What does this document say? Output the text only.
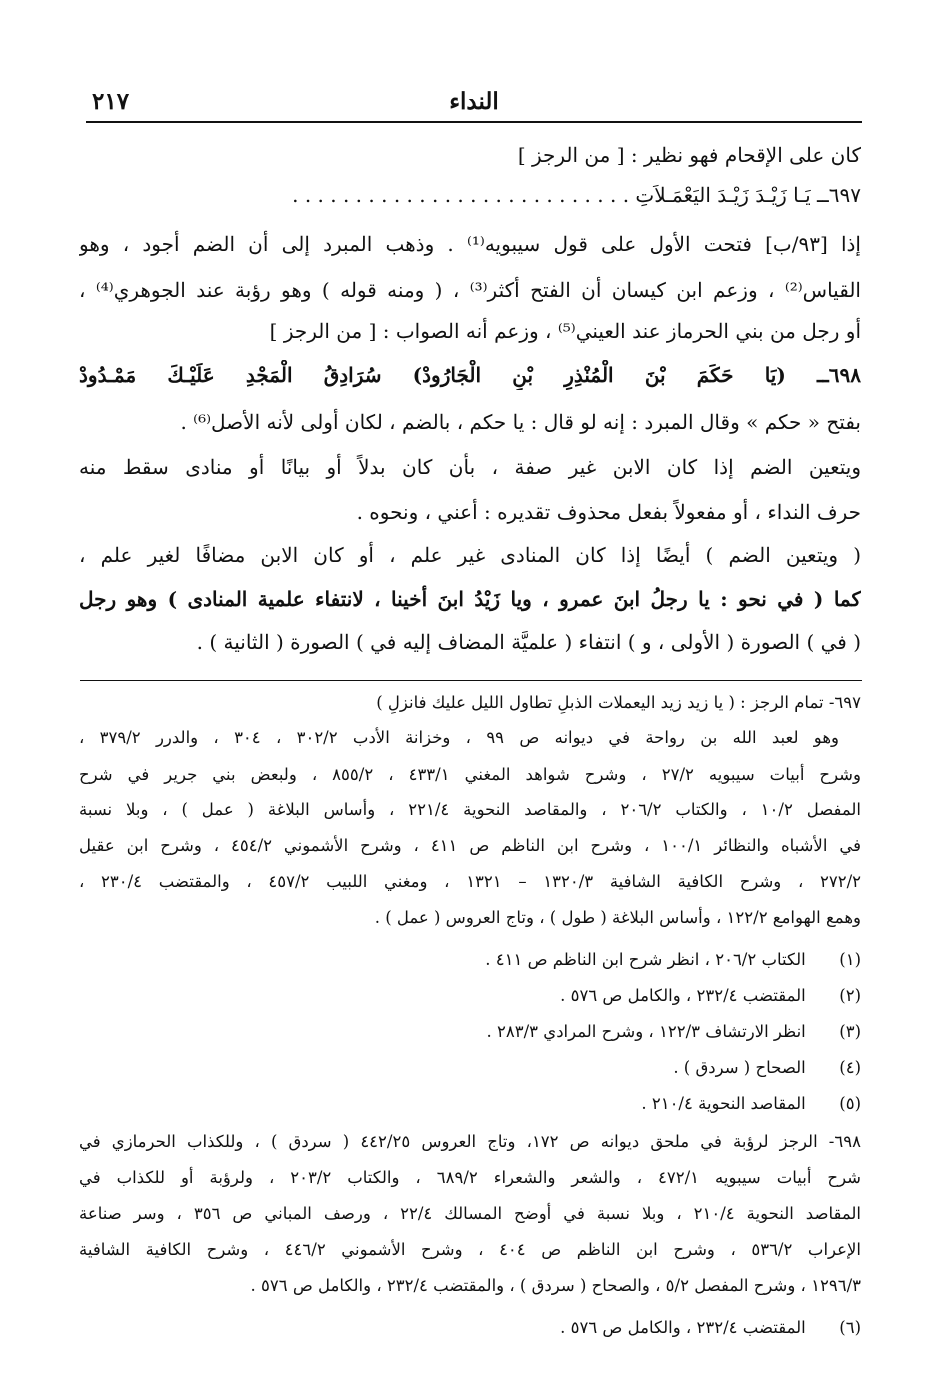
النداء
٢١٧
كان على الإقحام فهو نظير : [ من الرجز ]
٦٩٧ــ يَـا زَيْـدَ زَيْـدَ اليَعْمَـلاَتِ . . . . . . . . . . . . . . . . . . . . . . . . . . .
إذا [٩٣/ب] فتحت الأول على قول سيبويه⁽¹⁾ . وذهب المبرد إلى أن الضم أجود ، وهو
القياس⁽²⁾ ، وزعم ابن كيسان أن الفتح أكثر⁽³⁾ ، ( ومنه قوله ) وهو رؤبة عند الجوهري⁽⁴⁾ ،
أو رجل من بني الحرماز عند العيني⁽⁵⁾ ، وزعم أنه الصواب : [ من الرجز ]
٦٩٨ــ (يَا حَكَمَ بْنَ الْمُنْذِرِ بْنِ الْجَارُودْ) سُرَادِقُ الْمَجْدِ عَلَيْـكَ مَمْـدُودْ
بفتح « حكم » وقال المبرد : إنه لو قال : يا حكم ، بالضم ، لكان أولى لأنه الأصل⁽⁶⁾ .
ويتعين الضم إذا كان الابن غير صفة ، بأن كان بدلاً أو بيانًا أو منادى سقط منه
حرف النداء ، أو مفعولاً بفعل محذوف تقديره : أعني ، ونحوه .
( ويتعين الضم ) أيضًا إذا كان المنادى غير علم ، أو كان الابن مضافًا لغير علم ،
كما ( في نحو : يا رجلُ ابنَ عمرو ، ويا زَيْدُ ابنَ أخينا ، لانتفاء علمية المنادى ) وهو رجل
( في ) الصورة ( الأولى ، و ) انتفاء ( علميَّة المضاف إليه في ) الصورة ( الثانية ) .
٦٩٧- تمام الرجز : ( يا زيد زيد اليعملات الذبلِ تطاول الليل عليك فانزلِ )
وهو لعبد الله بن رواحة في ديوانه ص ٩٩ ، وخزانة الأدب ٣٠٢/٢ ، ٣٠٤ ، والدرر ٣٧٩/٢ ،
وشرح أبيات سيبويه ٢٧/٢ ، وشرح شواهد المغني ٤٣٣/١ ، ٨٥٥/٢ ، ولبعض بني جرير في شرح
المفصل ١٠/٢ ، والكتاب ٢٠٦/٢ ، والمقاصد النحوية ٢٢١/٤ ، وأساس البلاغة ( عمل ) ، وبلا نسبة
في الأشباه والنظائر ١٠٠/١ ، وشرح ابن الناظم ص ٤١١ ، وشرح الأشموني ٤٥٤/٢ ، وشرح ابن عقيل
٢٧٢/٢ ، وشرح الكافية الشافية ١٣٢٠/٣ – ١٣٢١ ، ومغني اللبيب ٤٥٧/٢ ، والمقتضب ٢٣٠/٤ ،
وهمع الهوامع ١٢٢/٢ ، وأساس البلاغة ( طول ) ، وتاج العروس ( عمل ) .
(١) الكتاب ٢٠٦/٢ ، انظر شرح ابن الناظم ص ٤١١ .
(٢) المقتضب ٢٣٢/٤ ، والكامل ص ٥٧٦ .
(٣) انظر الارتشاف ١٢٢/٣ ، وشرح المرادي ٢٨٣/٣ .
(٤) الصحاح ( سردق ) .
(٥) المقاصد النحوية ٢١٠/٤ .
٦٩٨- الرجز لرؤبة في ملحق ديوانه ص ١٧٢، وتاج العروس ٤٤٢/٢٥ ( سردق ) ، وللكذاب الحرمازي في
شرح أبيات سيبويه ٤٧٢/١ ، والشعر والشعراء ٦٨٩/٢ ، والكتاب ٢٠٣/٢ ، ولرؤبة أو للكذاب في
المقاصد النحوية ٢١٠/٤ ، وبلا نسبة في أوضح المسالك ٢٢/٤ ، ورصف المباني ص ٣٥٦ ، وسر صناعة
الإعراب ٥٣٦/٢ ، وشرح ابن الناظم ص ٤٠٤ ، وشرح الأشموني ٤٤٦/٢ ، وشرح الكافية الشافية
١٢٩٦/٣ ، وشرح المفصل ٥/٢ ، والصحاح ( سردق ) ، والمقتضب ٢٣٢/٤ ، والكامل ص ٥٧٦ .
(٦) المقتضب ٢٣٢/٤ ، والكامل ص ٥٧٦ .
